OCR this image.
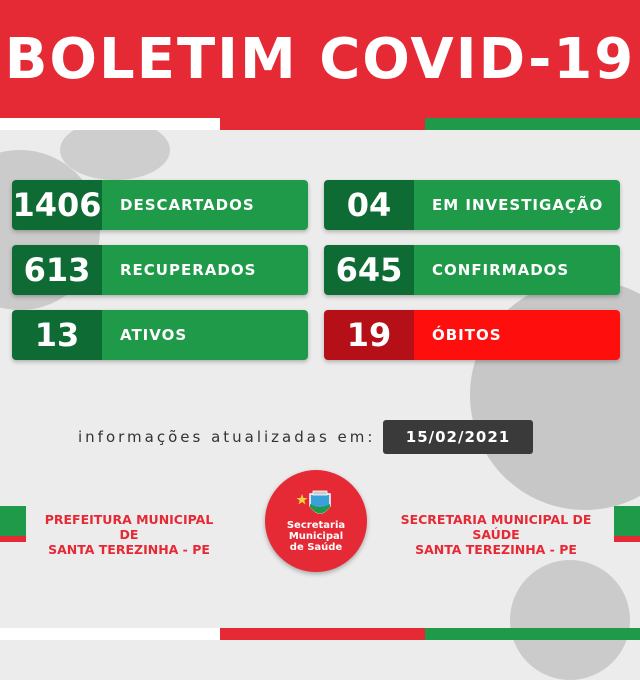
BOLETIM COVID-19
1406	DESCARTADOS	04	EM INVESTIGAÇÃO
613	RECUPERADOS	645	CONFIRMADOS
13	ATIVOS	19	ÓBITOS
informações atualizadas em:	15/02/2021
PREFEITURA MUNICIPAL DE
SANTA TEREZINHA - PE
SECRETARIA MUNICIPAL DE SAÚDE
SANTA TEREZINHA - PE
Secretaria
Municipal
de Saúde
